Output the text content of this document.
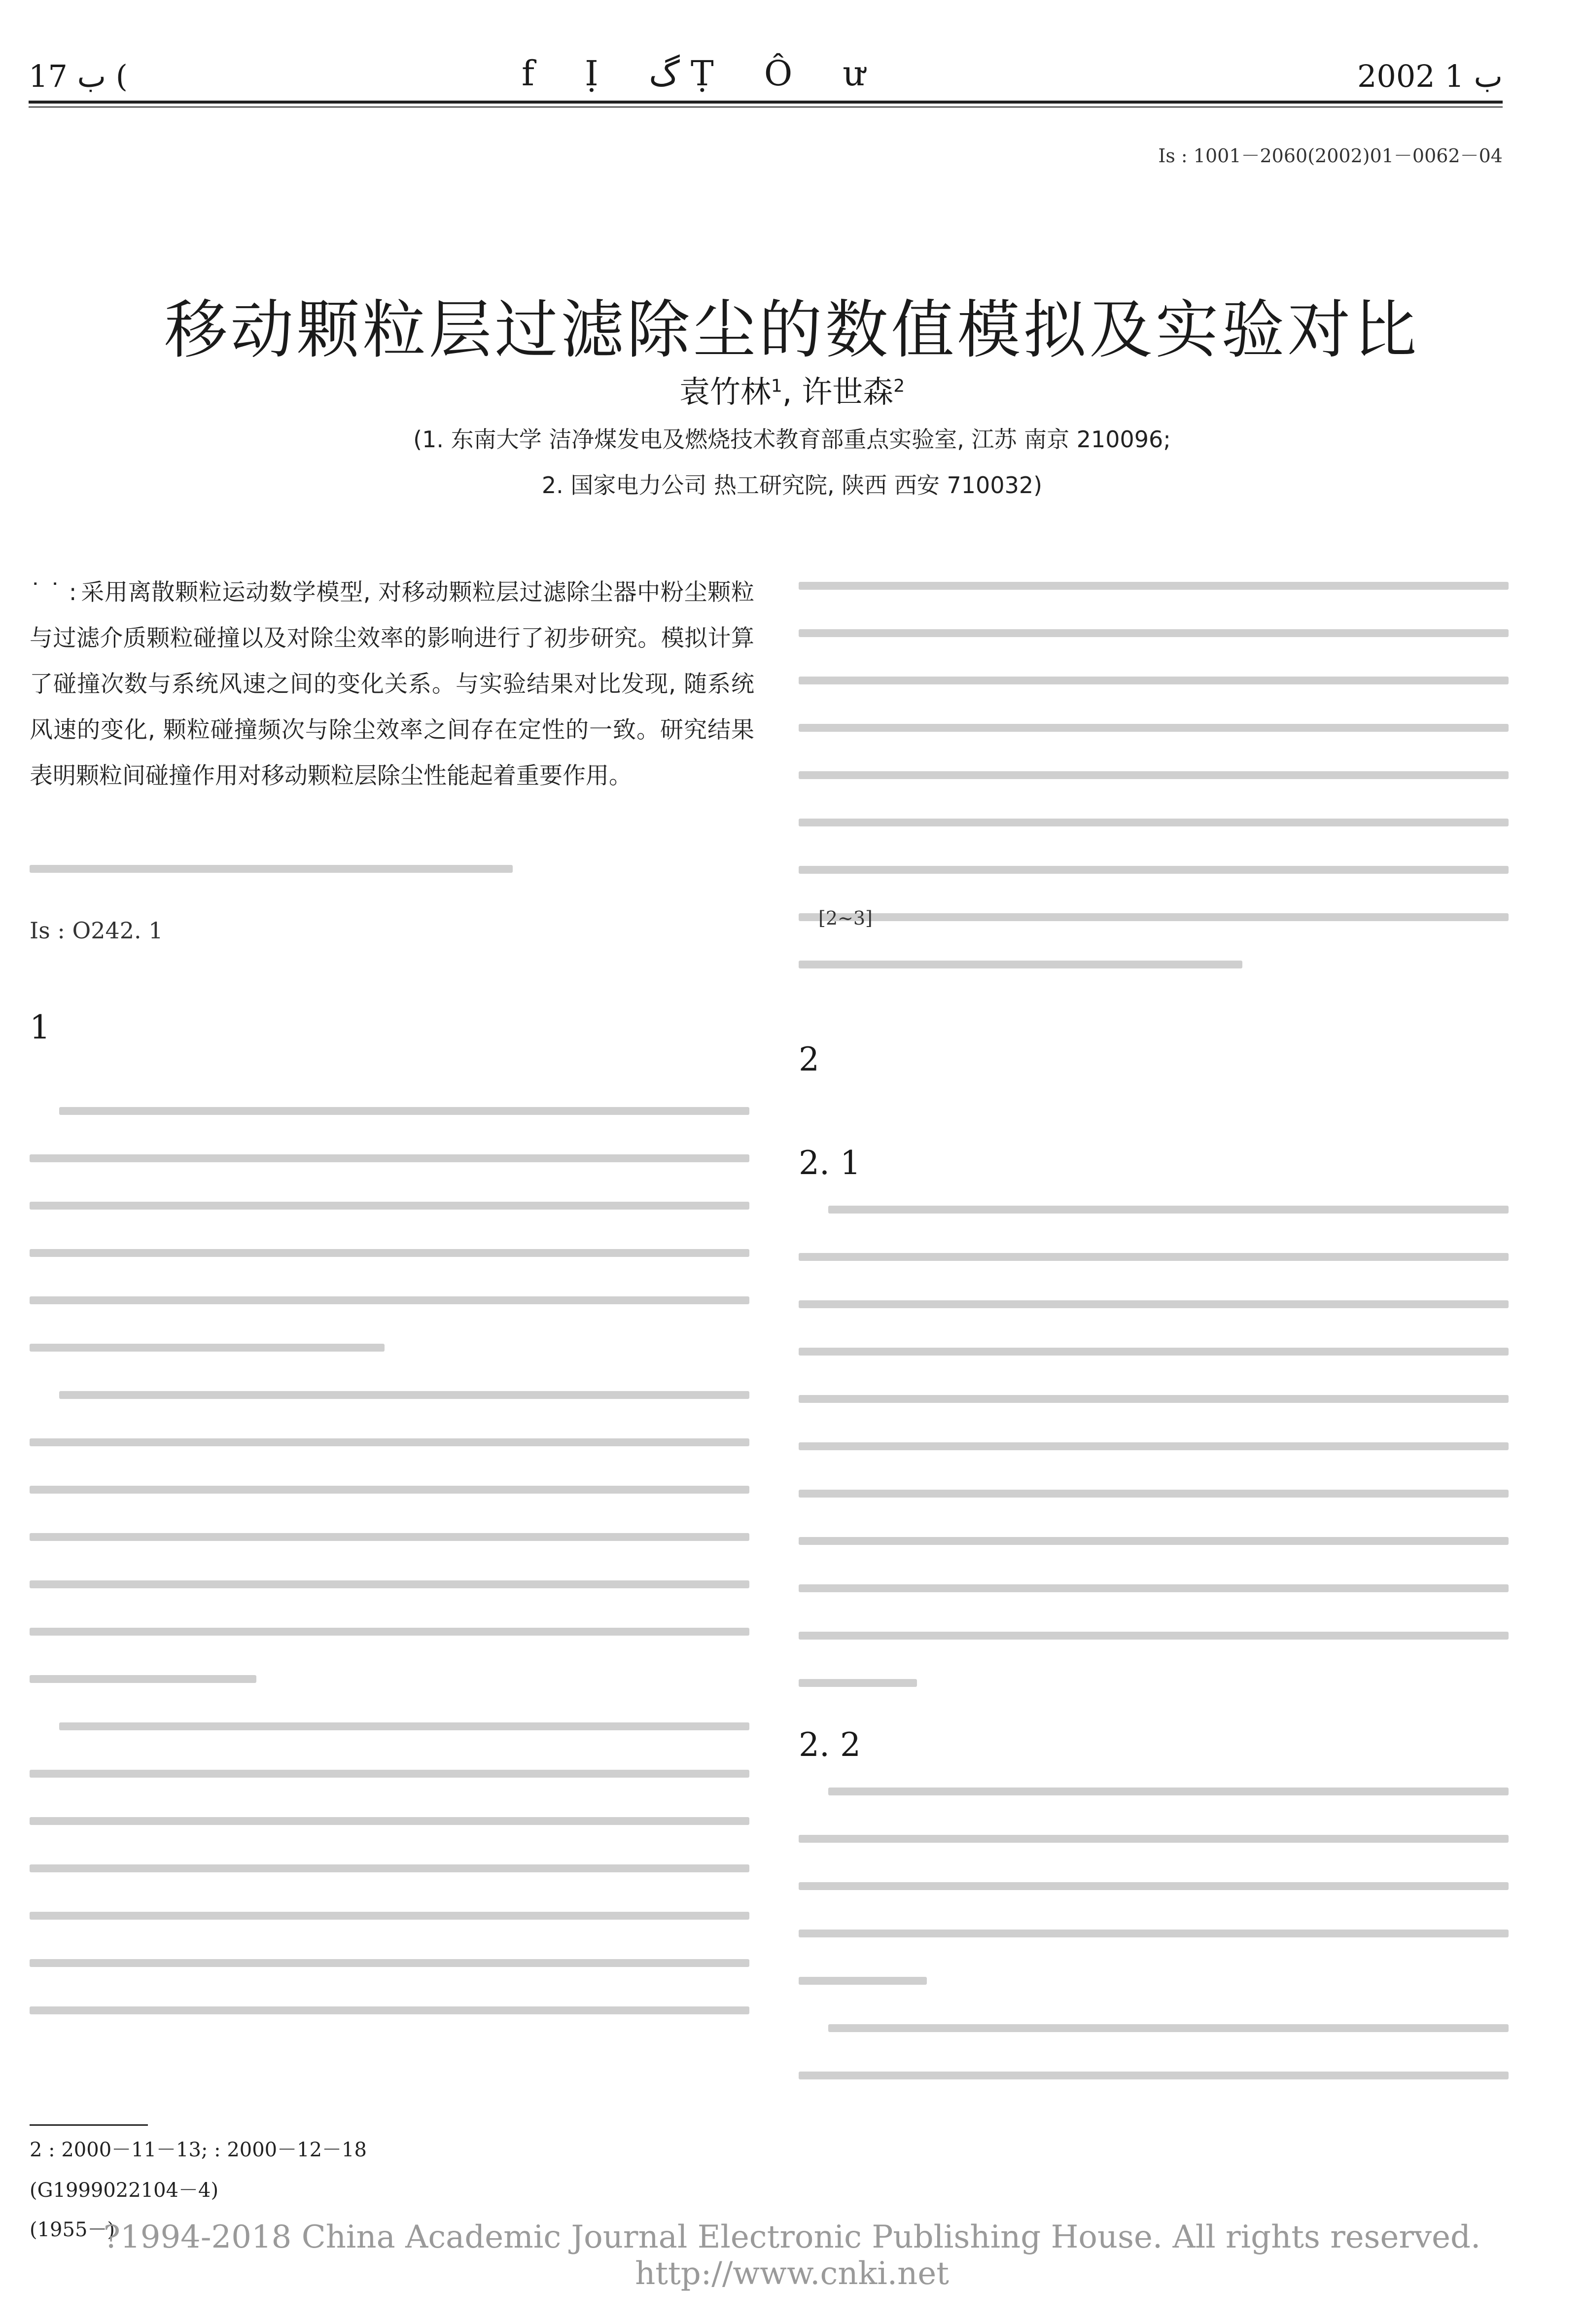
17 ب (	f Ị گ Ṭ Ô ư	2002 ب 1
Is : 1001－2060(2002)01－0062－04
移动颗粒层过滤除尘的数值模拟及实验对比
袁竹林$^1$, 许世森$^2$
(1. 东南大学 洁净煤发电及燃烧技术教育部重点实验室, 江苏 南京 210096;
2. 国家电力公司 热工研究院, 陕西 西安 710032)
˙ ˙ : 采用离散颗粒运动数学模型, 对移动颗粒层过滤除尘器中粉尘颗粒与过滤介质颗粒碰撞以及对除尘效率的影响进行了初步研究。模拟计算了碰撞次数与系统风速之间的变化关系。与实验结果对比发现, 随系统风速的变化, 颗粒碰撞频次与除尘效率之间存在定性的一致。研究结果表明颗粒间碰撞作用对移动颗粒层除尘性能起着重要作用。
Is : O242. 1
1
[2~3]
2
2. 1
2. 2
2 : 2000－11－13; : 2000－12－18
(G1999022104－4)
(1955－)
?1994-2018 China Academic Journal Electronic Publishing House. All rights reserved. http://www.cnki.net
